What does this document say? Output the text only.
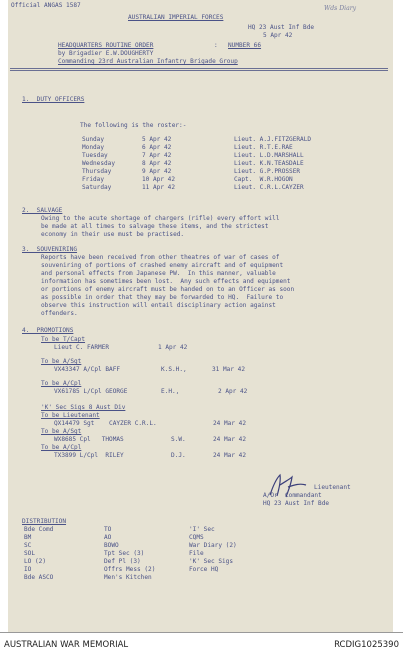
Official ANGAS 1587	Wds Diary
AUSTRALIAN IMPERIAL FORCES
HQ 23 Aust Inf Bde
5 Apr 42
HEADQUARTERS ROUTINE ORDER	: NUMBER 66
by Brigadier E.W.DOUGHERTY
Commanding 23rd Australian Infantry Brigade Group
1.  DUTY OFFICERS
The following is the roster:-
Sunday	5 Apr 42	Lieut. A.J.FITZGERALD
Monday	6 Apr 42	Lieut. R.T.E.RAE
Tuesday	7 Apr 42	Lieut. L.D.MARSHALL
Wednesday	8 Apr 42	Lieut. K.N.TEASDALE
Thursday	9 Apr 42	Lieut. G.P.PROSSER
Friday	10 Apr 42	Capt.  W.R.HOGON
Saturday	11 Apr 42	Lieut. C.R.L.CAYZER
2.  SALVAGE
Owing to the acute shortage of chargers (rifle) every effort will
be made at all times to salvage these items, and the strictest
economy in their use must be practised.
3.  SOUVENIRING
Reports have been received from other theatres of war of cases of
souveniring of portions of crashed enemy aircraft and of equipment
and personal effects from Japanese PW.  In this manner, valuable
information has sometimes been lost.  Any such effects and equipment
or portions of enemy aircraft must be handed on to an Officer as soon
as possible in order that they may be forwarded to HQ.  Failure to
observe this instruction will entail disciplinary action against
offenders.
4.  PROMOTIONS
To be T/Capt
Lieut C. FARMER	1 Apr 42
To be A/Sgt
VX43347 A/Cpl BAFF	K.S.H.,	31 Mar 42
To be A/Cpl
VX61785 L/Cpl GEORGE	E.H.,	2 Apr 42
'K' Sec Sigs 8 Aust Div
To be Lieutenant
QX14479 Sgt    CAYZER C.R.L.	24 Mar 42
To be A/Sgt
WX8685 Cpl   THOMAS	S.W.	24 Mar 42
To be A/Cpl
TX3899 L/Cpl  RILEY	D.J.	24 Mar 42
Lieutenant
A/Or  Commandant
HQ 23 Aust Inf Bde
DISTRIBUTION
Bde Comd
BM
SC
SOL
LO (2)
IO
Bde ASCO
TO
AO
BOWO
Tpt Sec (3)
Def Pl (3)
Offrs Mess (2)
Men's Kitchen
'I' Sec
CQMS
War Diary (2)
File
'K' Sec Sigs
Force HQ
AUSTRALIAN WAR MEMORIAL	RCDIG1025390
